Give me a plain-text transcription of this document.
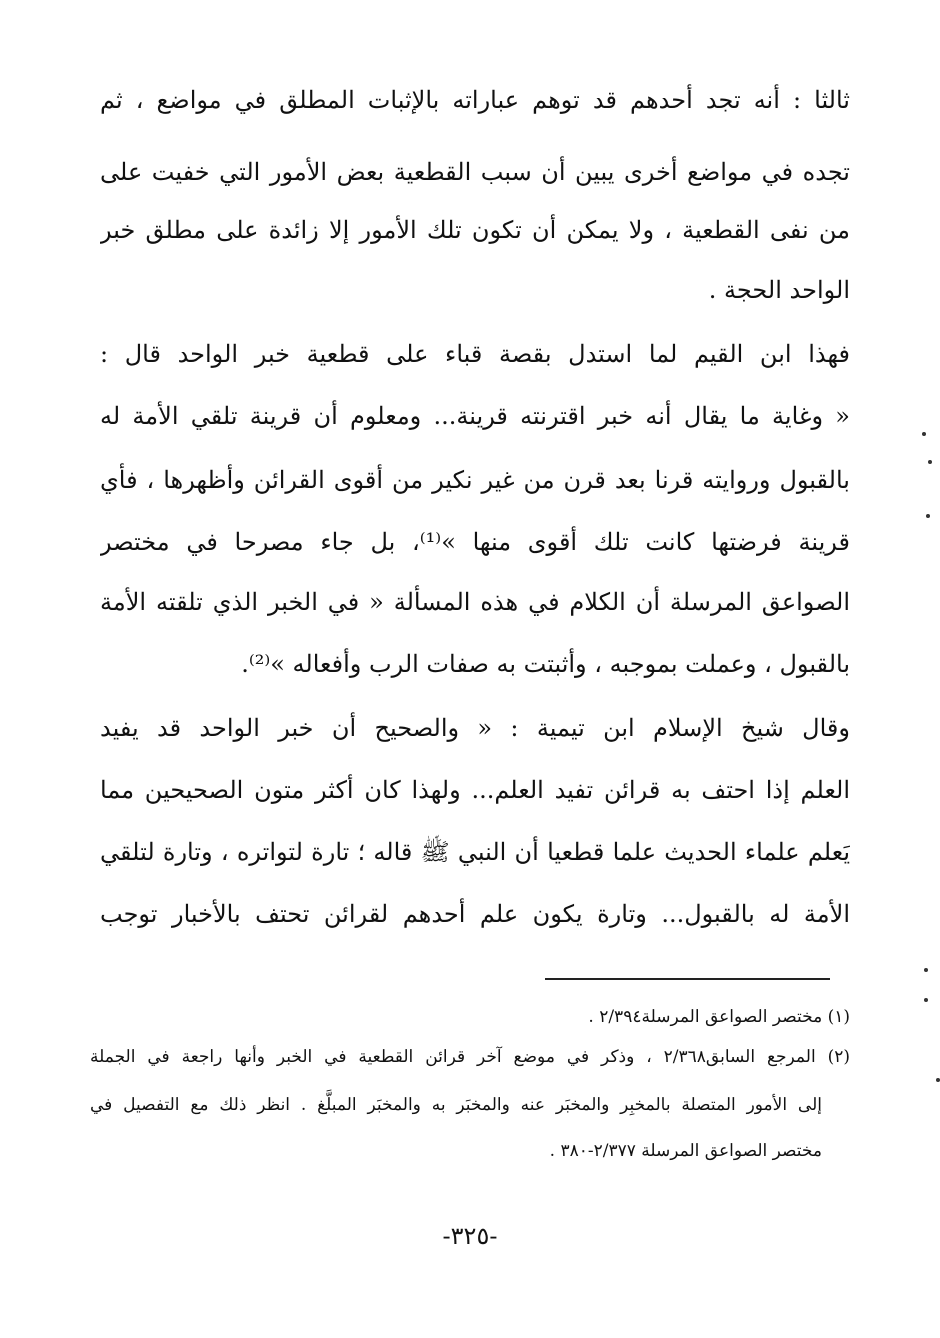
ثالثا : أنه تجد أحدهم قد توهم عباراته بالإثبات المطلق في مواضع ، ثم
تجده في مواضع أخرى يبين أن سبب القطعية بعض الأمور التي خفيت على
من نفى القطعية ، ولا يمكن أن تكون تلك الأمور إلا زائدة على مطلق خبر
الواحد الحجة .
فهذا ابن القيم لما استدل بقصة قباء على قطعية خبر الواحد قال :
« وغاية ما يقال أنه خبر اقترنته قرينة... ومعلوم أن قرينة تلقي الأمة له
بالقبول وروايته قرنا بعد قرن من غير نكير من أقوى القرائن وأظهرها ، فأي
قرينة فرضتها كانت تلك أقوى منها »⁽¹⁾، بل جاء مصرحا في مختصر
الصواعق المرسلة أن الكلام في هذه المسألة « في الخبر الذي تلقته الأمة
بالقبول ، وعملت بموجبه ، وأثبتت به صفات الرب وأفعاله »⁽²⁾.
وقال شيخ الإسلام ابن تيمية : « والصحيح أن خبر الواحد قد يفيد
العلم إذا احتف به قرائن تفيد العلم... ولهذا كان أكثر متون الصحيحين مما
يَعلم علماء الحديث علما قطعيا أن النبي ﷺ قاله ؛ تارة لتواتره ، وتارة لتلقي
الأمة له بالقبول... وتارة يكون علم أحدهم لقرائن تحتف بالأخبار توجب
(١) مختصر الصواعق المرسلة٢/٣٩٤ .
(٢) المرجع السابق٢/٣٦٨ ، وذكر في موضع آخر قرائن القطعية في الخبر وأنها راجعة في الجملة
إلى الأمور المتصلة بالمخبِر والمخبَر عنه والمخبَر به والمخبَر المبلَّغ . انظر ذلك مع التفصيل في
مختصر الصواعق المرسلة ٢/٣٧٧-٣٨٠ .
-٣٢٥-
